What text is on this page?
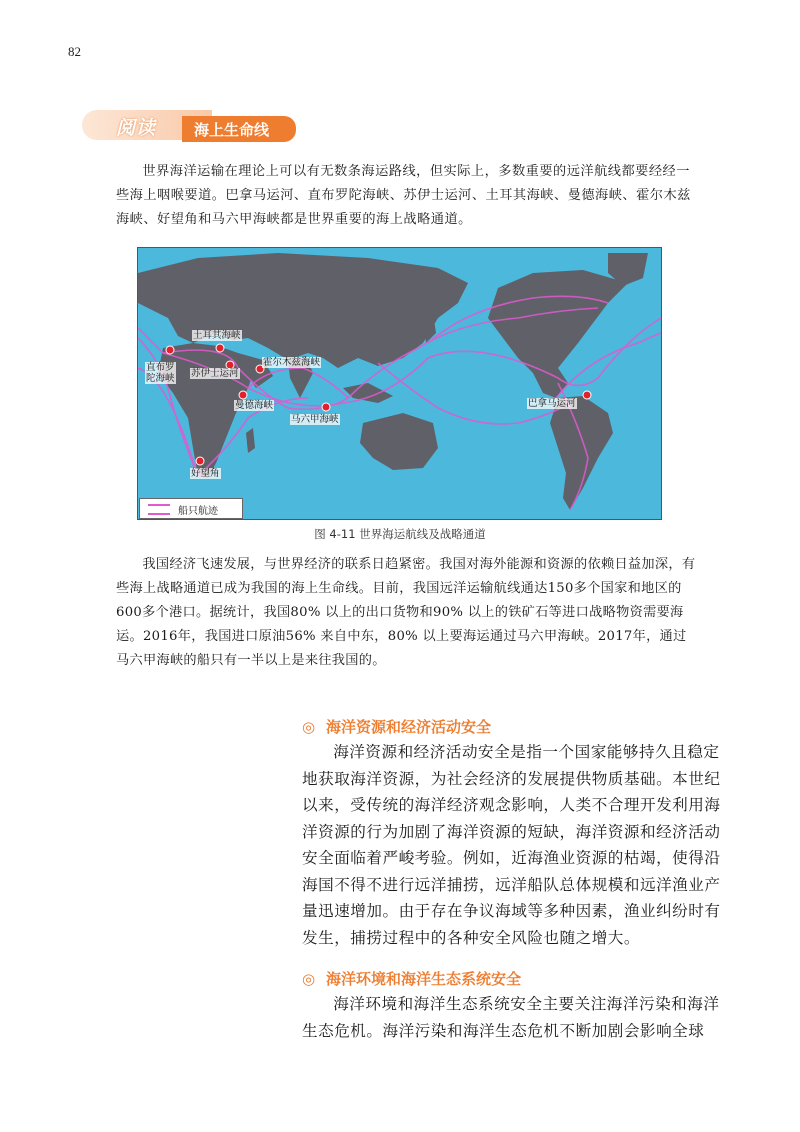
82
阅读	海上生命线

世界海洋运输在理论上可以有无数条海运路线，但实际上，多数重要的远洋航线都要经经一些海上咽喉要道。巴拿马运河、直布罗陀海峡、苏伊士运河、土耳其海峡、曼德海峡、霍尔木兹海峡、好望角和马六甲海峡都是世界重要的海上战略通道。

土耳其海峡
直布罗
陀海峡
霍尔木兹海峡
苏伊士运河
曼德海峡
马六甲海峡
巴拿马运河
好望角
船只航迹
图 4-11 世界海运航线及战略通道

我国经济飞速发展，与世界经济的联系日趋紧密。我国对海外能源和资源的依赖日益加深，有些海上战略通道已成为我国的海上生命线。目前，我国远洋运输航线通达150多个国家和地区的600多个港口。据统计，我国80% 以上的出口货物和90% 以上的铁矿石等进口战略物资需要海运。2016年，我国进口原油56% 来自中东，80% 以上要海运通过马六甲海峡。2017年，通过马六甲海峡的船只有一半以上是来往我国的。

◎ 海洋资源和经济活动安全

海洋资源和经济活动安全是指一个国家能够持久且稳定地获取海洋资源，为社会经济的发展提供物质基础。本世纪以来，受传统的海洋经济观念影响，人类不合理开发利用海洋资源的行为加剧了海洋资源的短缺，海洋资源和经济活动安全面临着严峻考验。例如，近海渔业资源的枯竭，使得沿海国不得不进行远洋捕捞，远洋船队总体规模和远洋渔业产量迅速增加。由于存在争议海域等多种因素，渔业纠纷时有发生，捕捞过程中的各种安全风险也随之增大。

◎ 海洋环境和海洋生态系统安全

海洋环境和海洋生态系统安全主要关注海洋污染和海洋生态危机。海洋污染和海洋生态危机不断加剧会影响全球
